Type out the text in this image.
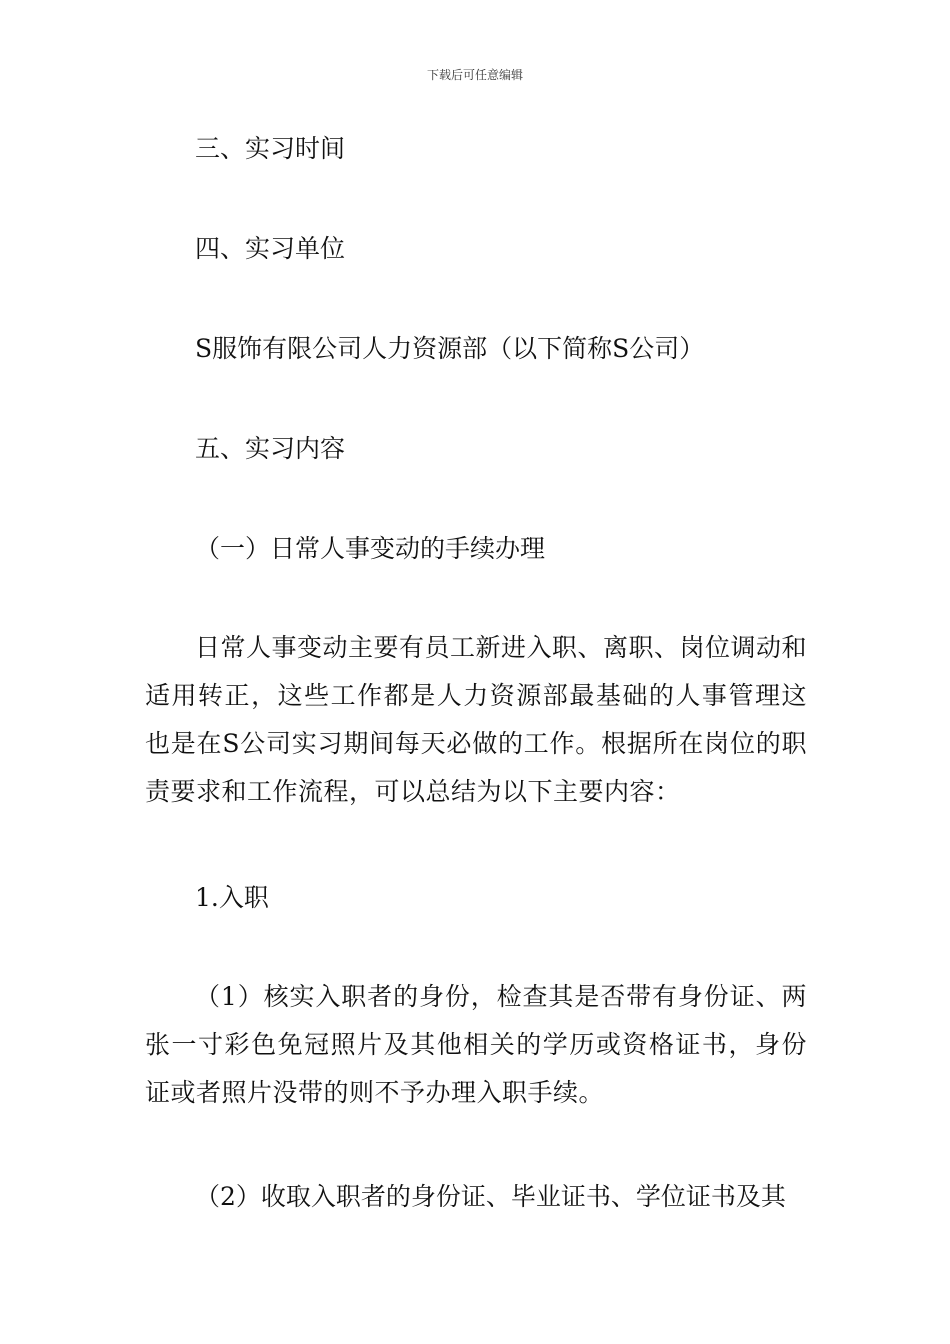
下载后可任意编辑
三、实习时间
四、实习单位
S服饰有限公司人力资源部（以下简称S公司）
五、实习内容
（一）日常人事变动的手续办理
日常人事变动主要有员工新进入职、离职、岗位调动和适用转正，这些工作都是人力资源部最基础的人事管理这也是在S公司实习期间每天必做的工作。根据所在岗位的职责要求和工作流程，可以总结为以下主要内容：
1.入职
（1）核实入职者的身份，检查其是否带有身份证、两张一寸彩色免冠照片及其他相关的学历或资格证书，身份证或者照片没带的则不予办理入职手续。
（2）收取入职者的身份证、毕业证书、学位证书及其
